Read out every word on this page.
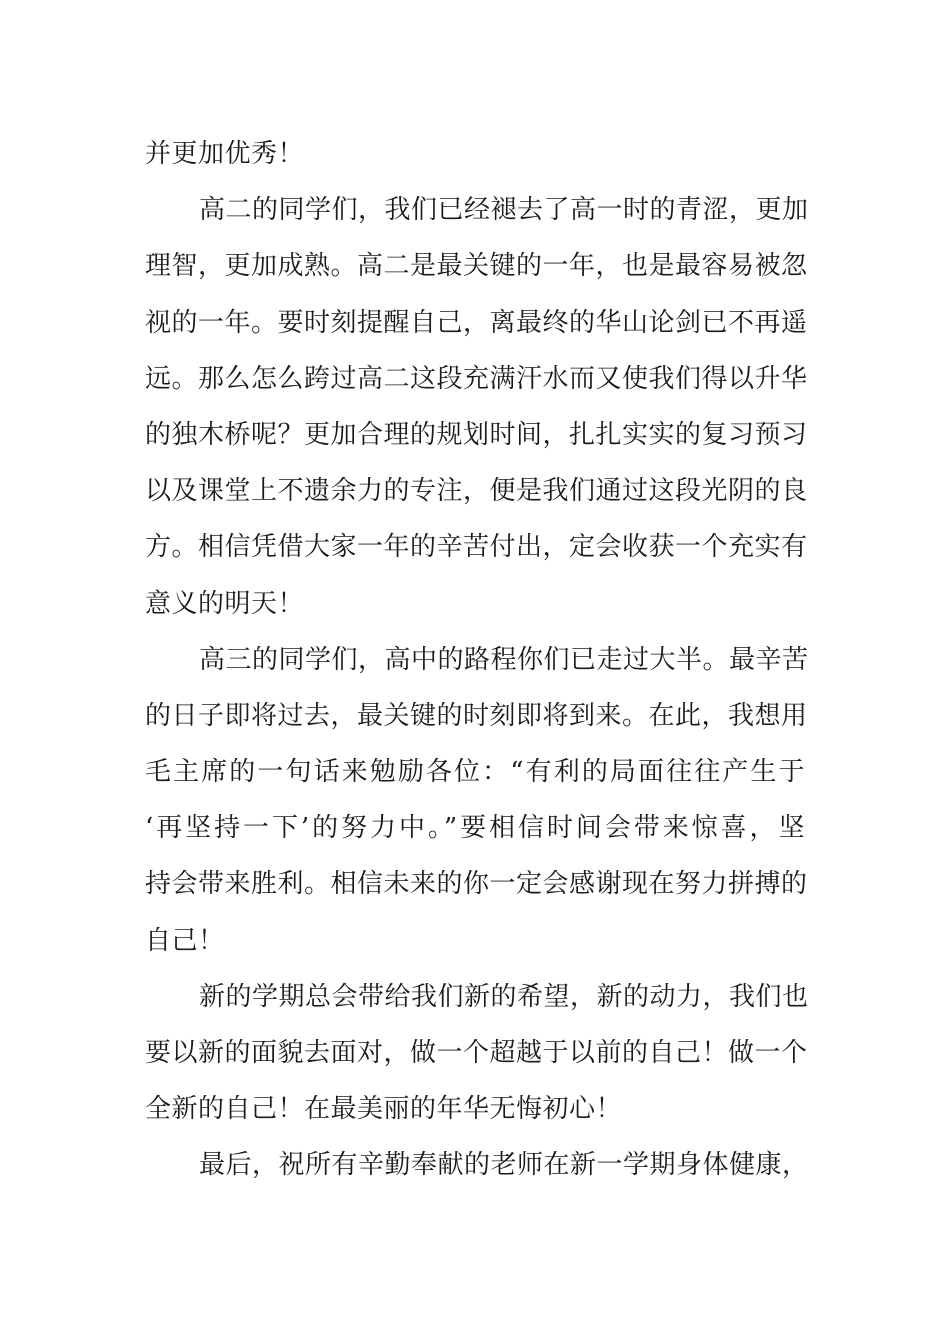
并更加优秀！
高二的同学们，我们已经褪去了高一时的青涩，更加
理智，更加成熟。高二是最关键的一年，也是最容易被忽
视的一年。要时刻提醒自己，离最终的华山论剑已不再遥
远。那么怎么跨过高二这段充满汗水而又使我们得以升华
的独木桥呢？更加合理的规划时间，扎扎实实的复习预习
以及课堂上不遗余力的专注，便是我们通过这段光阴的良
方。相信凭借大家一年的辛苦付出，定会收获一个充实有
意义的明天！
高三的同学们，高中的路程你们已走过大半。最辛苦
的日子即将过去，最关键的时刻即将到来。在此，我想用
毛主席的一句话来勉励各位：“有利的局面往往产生于
‘再坚持一下’的努力中。”要相信时间会带来惊喜，坚
持会带来胜利。相信未来的你一定会感谢现在努力拼搏的
自己！
新的学期总会带给我们新的希望，新的动力，我们也
要以新的面貌去面对，做一个超越于以前的自己！做一个
全新的自己！在最美丽的年华无悔初心！
最后，祝所有辛勤奉献的老师在新一学期身体健康，
